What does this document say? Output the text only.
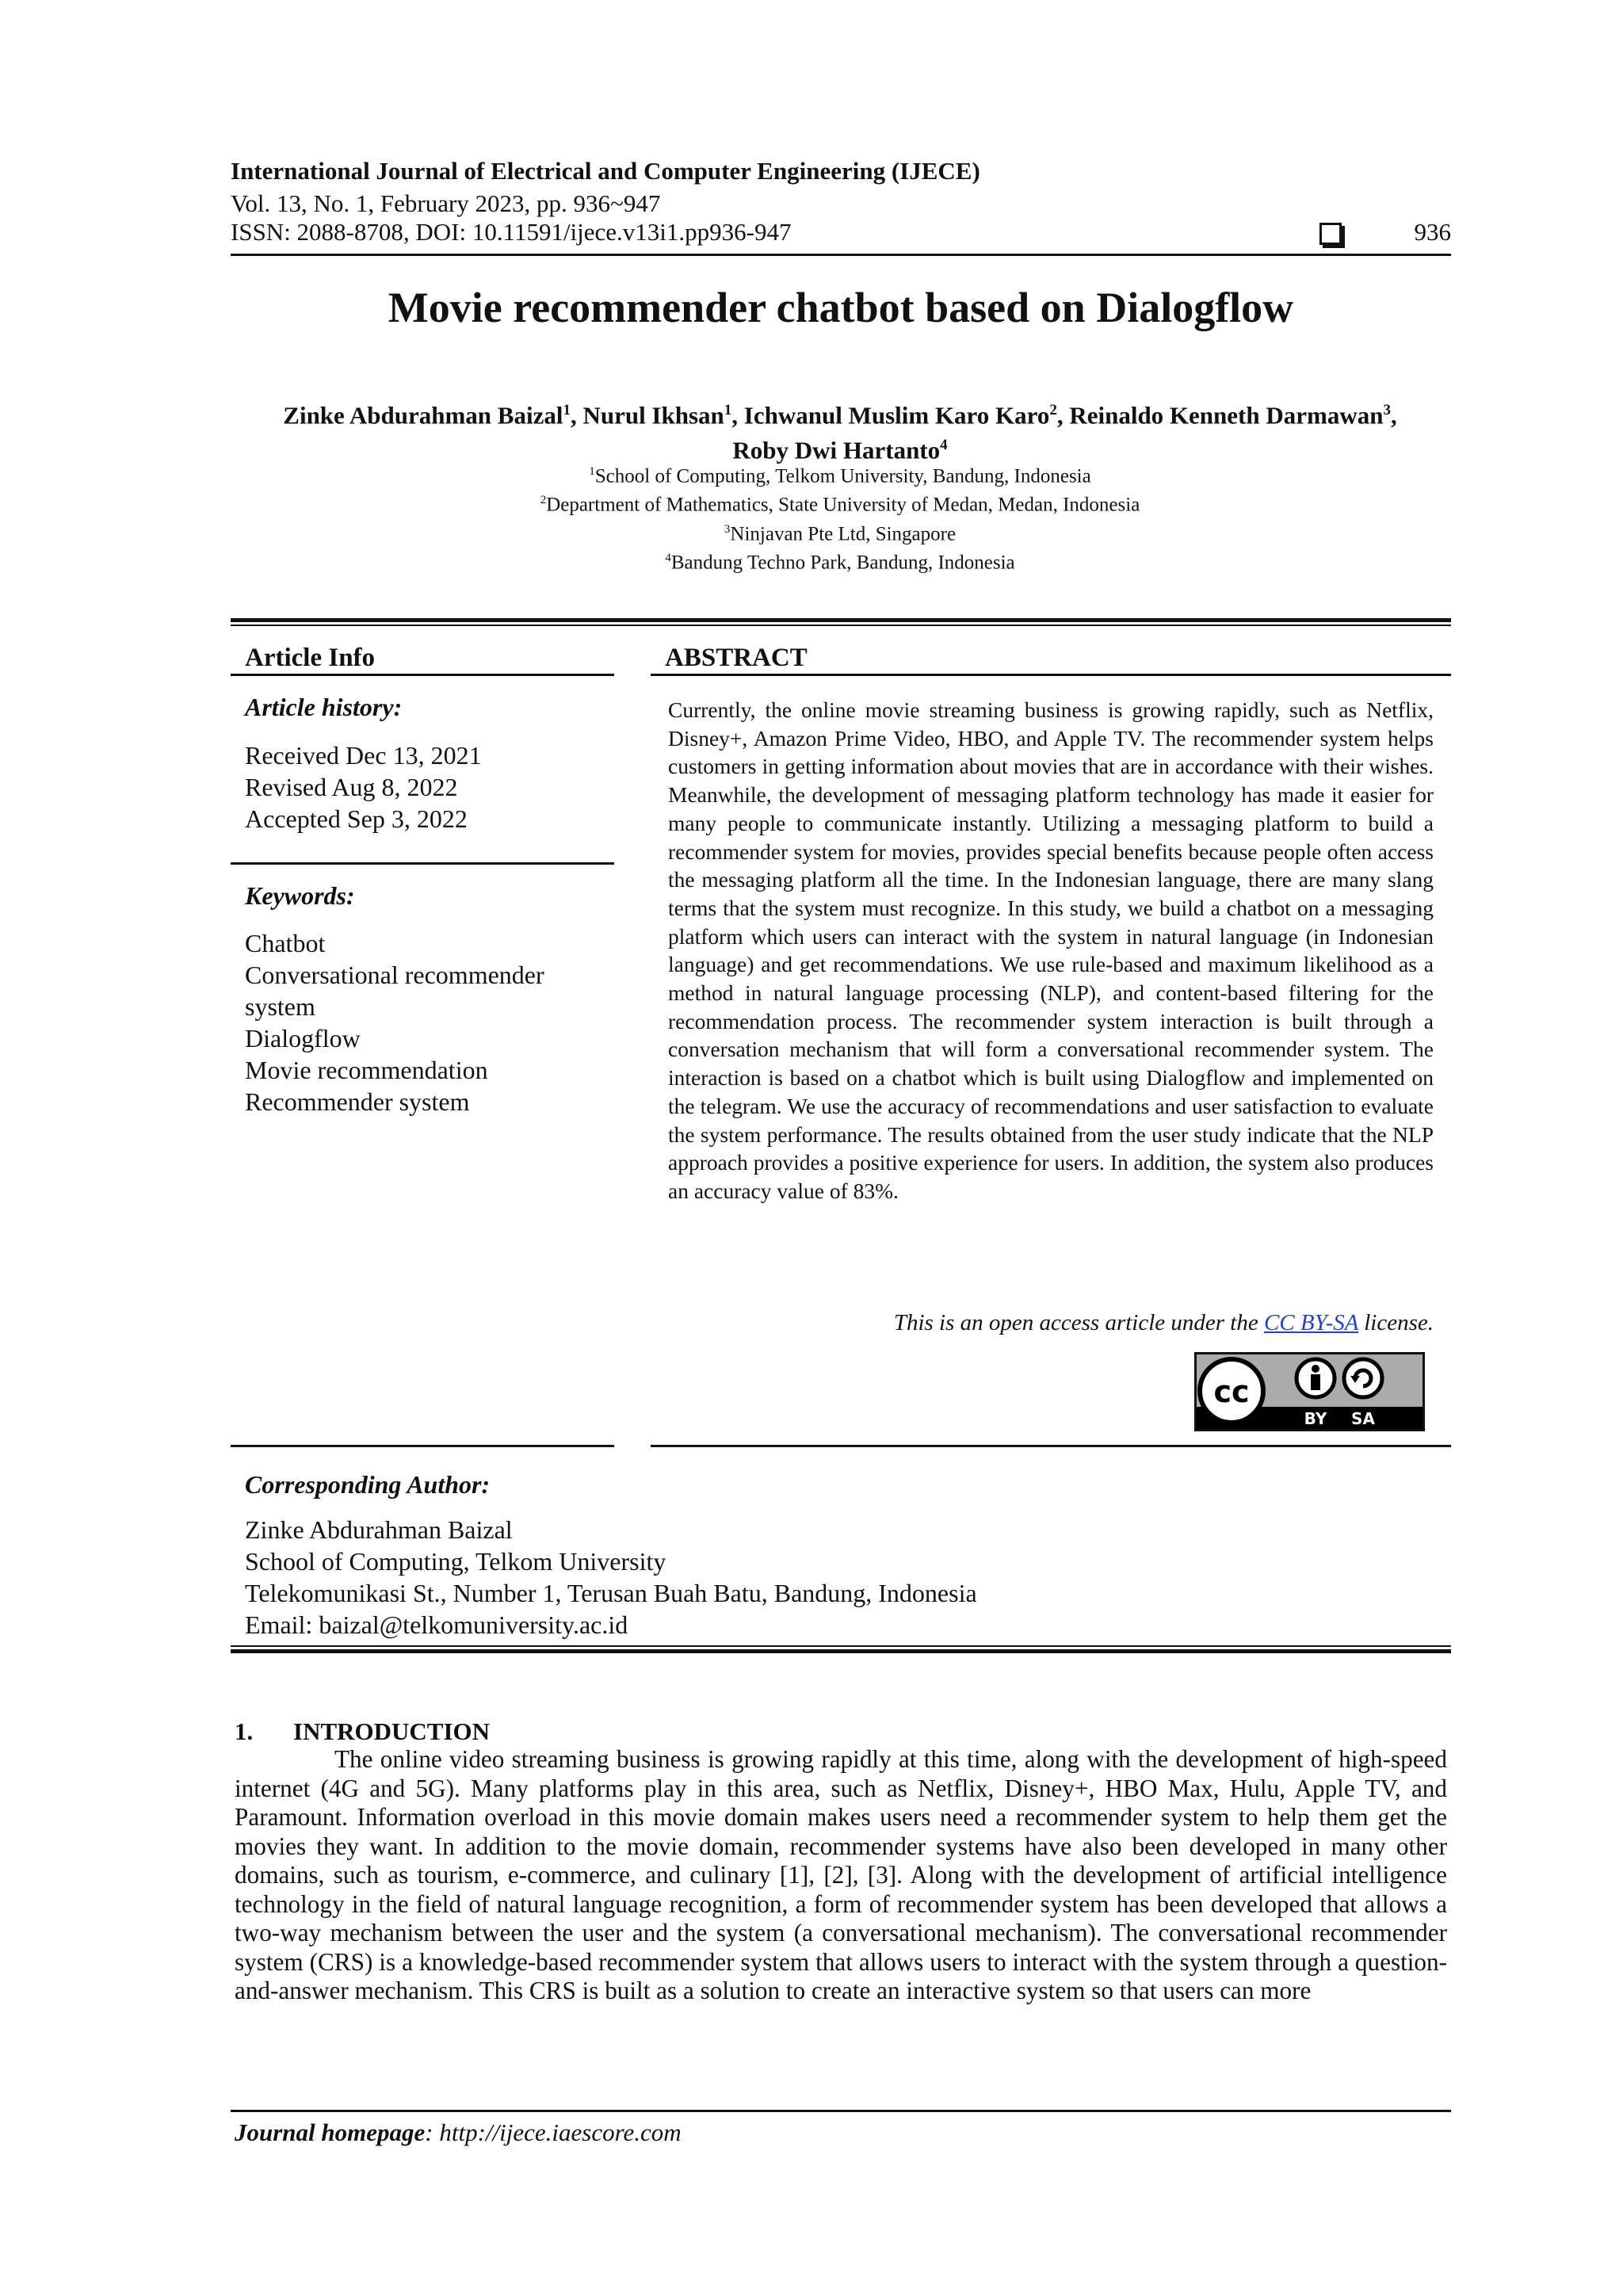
International Journal of Electrical and Computer Engineering (IJECE)
Vol. 13, No. 1, February 2023, pp. 936~947
ISSN: 2088-8708, DOI: 10.11591/ijece.v13i1.pp936-947	936
Movie recommender chatbot based on Dialogflow
Zinke Abdurahman Baizal$^1$, Nurul Ikhsan$^1$, Ichwanul Muslim Karo Karo$^2$, Reinaldo Kenneth Darmawan$^3$, Roby Dwi Hartanto$^4$
$^1$School of Computing, Telkom University, Bandung, Indonesia
$^2$Department of Mathematics, State University of Medan, Medan, Indonesia
$^3$Ninjavan Pte Ltd, Singapore
$^4$Bandung Techno Park, Bandung, Indonesia
Article Info
Article history:
Received Dec 13, 2021
Revised Aug 8, 2022
Accepted Sep 3, 2022
Keywords:
Chatbot
Conversational recommender system
Dialogflow
Movie recommendation
Recommender system
ABSTRACT
Currently, the online movie streaming business is growing rapidly, such as Netflix, Disney+, Amazon Prime Video, HBO, and Apple TV. The recommender system helps customers in getting information about movies that are in accordance with their wishes. Meanwhile, the development of messaging platform technology has made it easier for many people to communicate instantly. Utilizing a messaging platform to build a recommender system for movies, provides special benefits because people often access the messaging platform all the time. In the Indonesian language, there are many slang terms that the system must recognize. In this study, we build a chatbot on a messaging platform which users can interact with the system in natural language (in Indonesian language) and get recommendations. We use rule-based and maximum likelihood as a method in natural language processing (NLP), and content-based filtering for the recommendation process. The recommender system interaction is built through a conversation mechanism that will form a conversational recommender system. The interaction is based on a chatbot which is built using Dialogflow and implemented on the telegram. We use the accuracy of recommendations and user satisfaction to evaluate the system performance. The results obtained from the user study indicate that the NLP approach provides a positive experience for users. In addition, the system also produces an accuracy value of 83%.
This is an open access article under the CC BY-SA license.
cc
BY SA
Corresponding Author:
Zinke Abdurahman Baizal
School of Computing, Telkom University
Telekomunikasi St., Number 1, Terusan Buah Batu, Bandung, Indonesia
Email: baizal@telkomuniversity.ac.id
1. INTRODUCTION
The online video streaming business is growing rapidly at this time, along with the development of high-speed internet (4G and 5G). Many platforms play in this area, such as Netflix, Disney+, HBO Max, Hulu, Apple TV, and Paramount. Information overload in this movie domain makes users need a recommender system to help them get the movies they want. In addition to the movie domain, recommender systems have also been developed in many other domains, such as tourism, e-commerce, and culinary [1], [2], [3]. Along with the development of artificial intelligence technology in the field of natural language recognition, a form of recommender system has been developed that allows a two-way mechanism between the user and the system (a conversational mechanism). The conversational recommender system (CRS) is a knowledge-based recommender system that allows users to interact with the system through a question-and-answer mechanism. This CRS is built as a solution to create an interactive system so that users can more
Journal homepage: http://ijece.iaescore.com
